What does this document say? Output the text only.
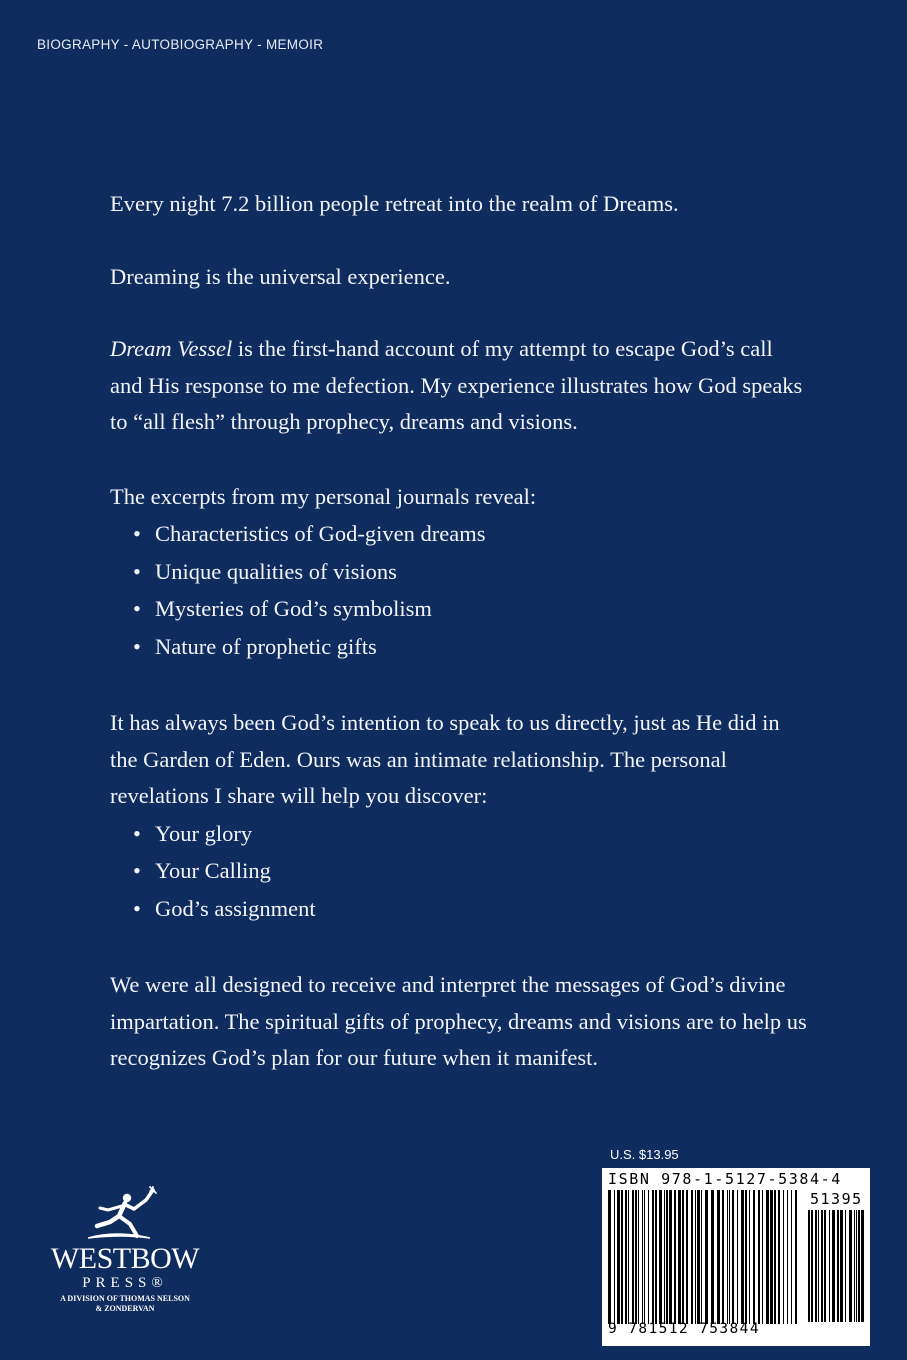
BIOGRAPHY - AUTOBIOGRAPHY - MEMOIR

Every night 7.2 billion people retreat into the realm of Dreams.

Dreaming is the universal experience.

Dream Vessel is the first-hand account of my attempt to escape God’s call and His response to me defection. My experience illustrates how God speaks to “all flesh” through prophecy, dreams and visions.

The excerpts from my personal journals reveal:

• Characteristics of God-given dreams
• Unique qualities of visions
• Mysteries of God’s symbolism
• Nature of prophetic gifts

It has always been God’s intention to speak to us directly, just as He did in the Garden of Eden. Ours was an intimate relationship. The personal revelations I share will help you discover:

• Your glory
• Your Calling
• God’s assignment

We were all designed to receive and interpret the messages of God’s divine impartation. The spiritual gifts of prophecy, dreams and visions are to help us recognizes God’s plan for our future when it manifest.

WESTBOW
PRESS®
A DIVISION OF THOMAS NELSON
& ZONDERVAN
U.S. $13.95
ISBN 978-1-5127-5384-4
51395
9 781512 753844
